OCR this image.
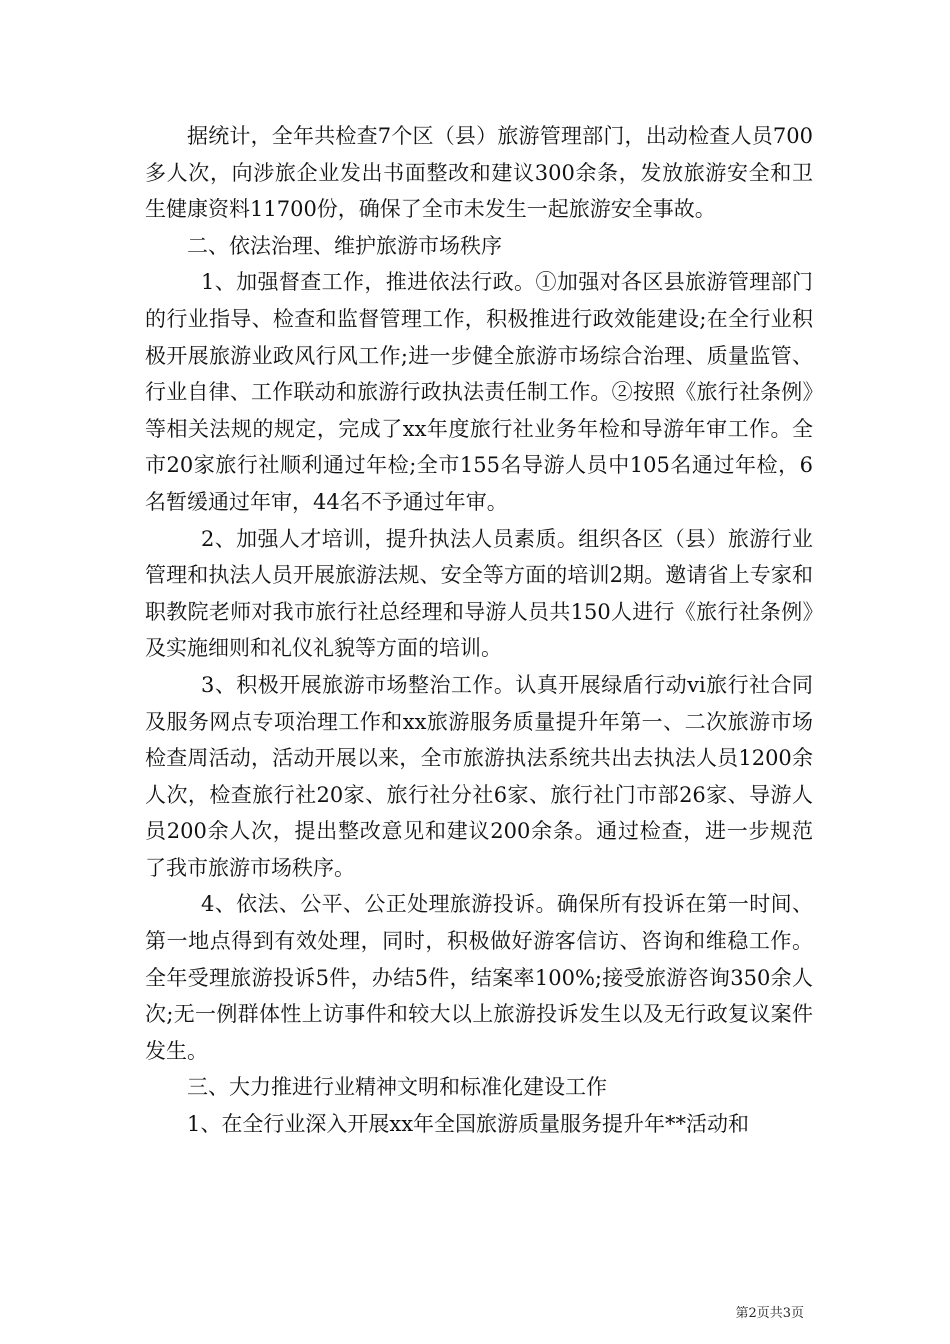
据统计，全年共检查7个区（县）旅游管理部门，出动检查人员700多人次，向涉旅企业发出书面整改和建议300余条，发放旅游安全和卫生健康资料11700份，确保了全市未发生一起旅游安全事故。

二、依法治理、维护旅游市场秩序

1、加强督查工作，推进依法行政。①加强对各区县旅游管理部门的行业指导、检查和监督管理工作，积极推进行政效能建设;在全行业积极开展旅游业政风行风工作;进一步健全旅游市场综合治理、质量监管、行业自律、工作联动和旅游行政执法责任制工作。②按照《旅行社条例》等相关法规的规定，完成了xx年度旅行社业务年检和导游年审工作。全市20家旅行社顺利通过年检;全市155名导游人员中105名通过年检，6名暂缓通过年审，44名不予通过年审。

2、加强人才培训，提升执法人员素质。组织各区（县）旅游行业管理和执法人员开展旅游法规、安全等方面的培训2期。邀请省上专家和职教院老师对我市旅行社总经理和导游人员共150人进行《旅行社条例》及实施细则和礼仪礼貌等方面的培训。

3、积极开展旅游市场整治工作。认真开展绿盾行动vi旅行社合同及服务网点专项治理工作和xx旅游服务质量提升年第一、二次旅游市场检查周活动，活动开展以来，全市旅游执法系统共出去执法人员1200余人次，检查旅行社20家、旅行社分社6家、旅行社门市部26家、导游人员200余人次，提出整改意见和建议200余条。通过检查，进一步规范了我市旅游市场秩序。

4、依法、公平、公正处理旅游投诉。确保所有投诉在第一时间、第一地点得到有效处理，同时，积极做好游客信访、咨询和维稳工作。全年受理旅游投诉5件，办结5件，结案率100%;接受旅游咨询350余人次;无一例群体性上访事件和较大以上旅游投诉发生以及无行政复议案件发生。

三、大力推进行业精神文明和标准化建设工作

1、在全行业深入开展xx年全国旅游质量服务提升年**活动和

第2页共3页
